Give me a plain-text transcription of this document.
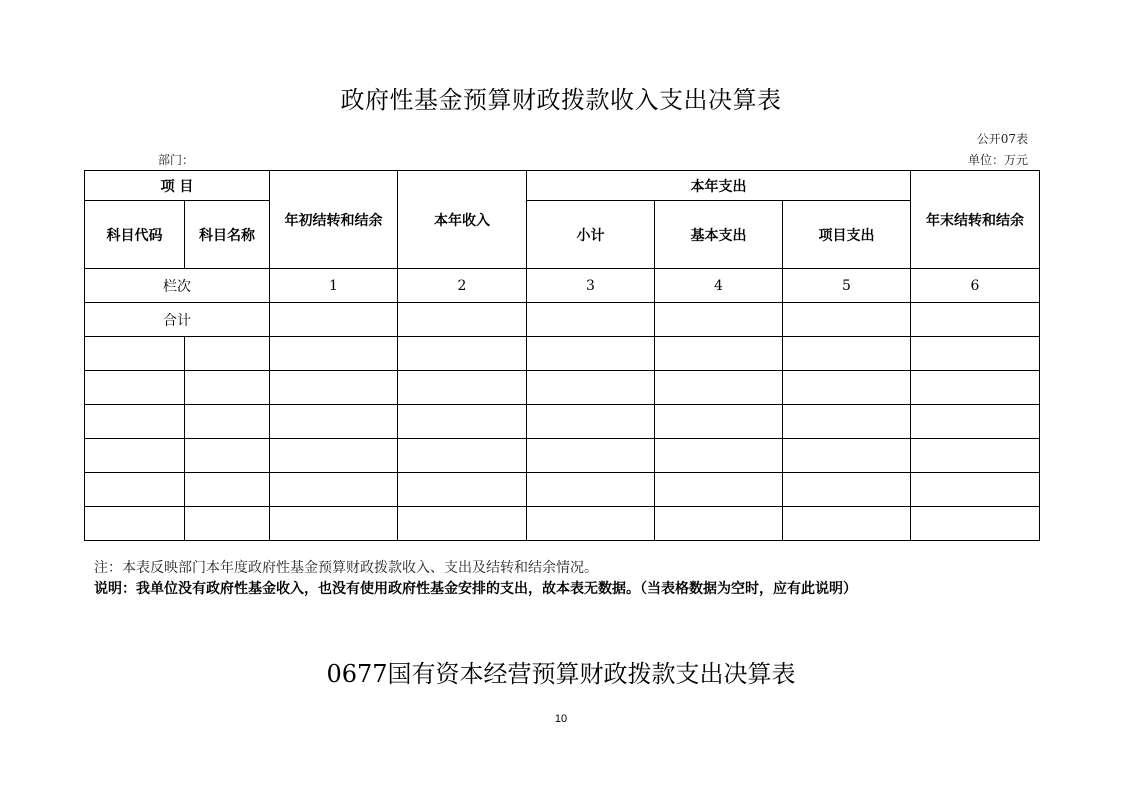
政府性基金预算财政拨款收入支出决算表
公开07表
部门：	单位：万元
项 目		年初结转和结余	本年收入	本年支出			年末结转和结余
科目代码	科目名称			小计	基本支出	项目支出	
栏次		1	2	3	4	5	6
合计							

注：本表反映部门本年度政府性基金预算财政拨款收入、支出及结转和结余情况。
说明：我单位没有政府性基金收入，也没有使用政府性基金安排的支出，故本表无数据。（当表格数据为空时，应有此说明）
0677国有资本经营预算财政拨款支出决算表
10
